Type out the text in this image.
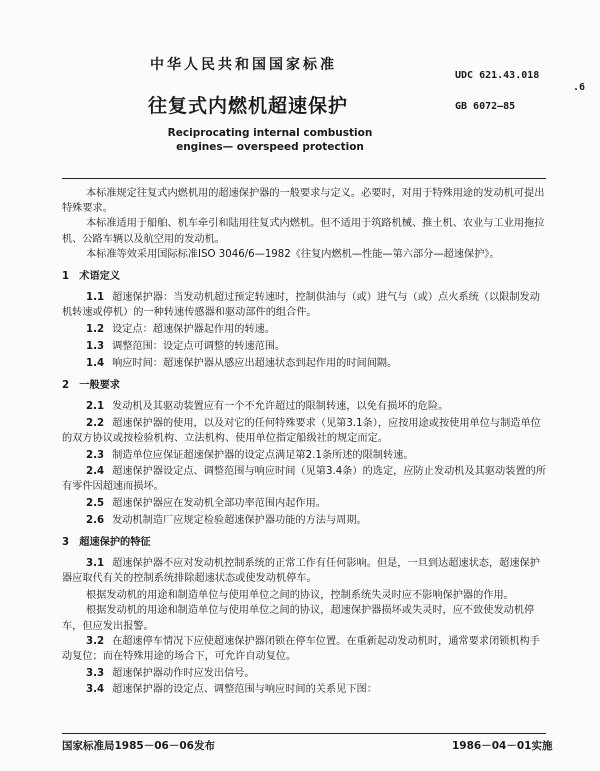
中华人民共和国国家标准
UDC 621.43.018
.6
GB 6072—85
往复式内燃机超速保护
Reciprocating internal combustion
engines— overspeed protection

本标准规定往复式内燃机用的超速保护器的一般要求与定义。必要时，对用于特殊用途的发动机可提出特殊要求。

本标准适用于船舶、机车牵引和陆用往复式内燃机。但不适用于筑路机械、推土机、农业与工业用拖拉机、公路车辆以及航空用的发动机。

本标准等效采用国际标准ISO 3046/6—1982《往复内燃机—性能—第六部分—超速保护》。

1　术语定义

1.1 超速保护器：当发动机超过预定转速时，控制供油与（或）进气与（或）点火系统（以限制发动机转速或停机）的一种转速传感器和驱动部件的组合件。

1.2 设定点：超速保护器起作用的转速。

1.3 调整范围：设定点可调整的转速范围。

1.4 响应时间：超速保护器从感应出超速状态到起作用的时间间隔。

2　一般要求

2.1 发动机及其驱动装置应有一个不允许超过的限制转速，以免有损坏的危险。

2.2 超速保护器的使用，以及对它的任何特殊要求（见第3.1条），应按用途或按使用单位与制造单位的双方协议或按检验机构、立法机构、使用单位指定船级社的规定而定。

2.3 制造单位应保证超速保护器的设定点满足第2.1条所述的限制转速。

2.4 超速保护器设定点、调整范围与响应时间（见第3.4条）的选定，应防止发动机及其驱动装置的所有零件因超速而损坏。

2.5 超速保护器应在发动机全部功率范围内起作用。

2.6 发动机制造厂应规定检验超速保护器功能的方法与周期。

3　超速保护的特征

3.1 超速保护器不应对发动机控制系统的正常工作有任何影响。但是，一旦到达超速状态，超速保护器应取代有关的控制系统排除超速状态或使发动机停车。

根据发动机的用途和制造单位与使用单位之间的协议，控制系统失灵时应不影响保护器的作用。

根据发动机的用途和制造单位与使用单位之间的协议，超速保护器损坏或失灵时，应不致使发动机停车，但应发出报警。

3.2 在超速停车情况下应使超速保护器闭锁在停车位置。在重新起动发动机时，通常要求闭锁机构手动复位；而在特殊用途的场合下，可允许自动复位。

3.3 超速保护器动作时应发出信号。

3.4 超速保护器的设定点、调整范围与响应时间的关系见下图：

国家标准局1985－06－06发布	1986－04－01实施
